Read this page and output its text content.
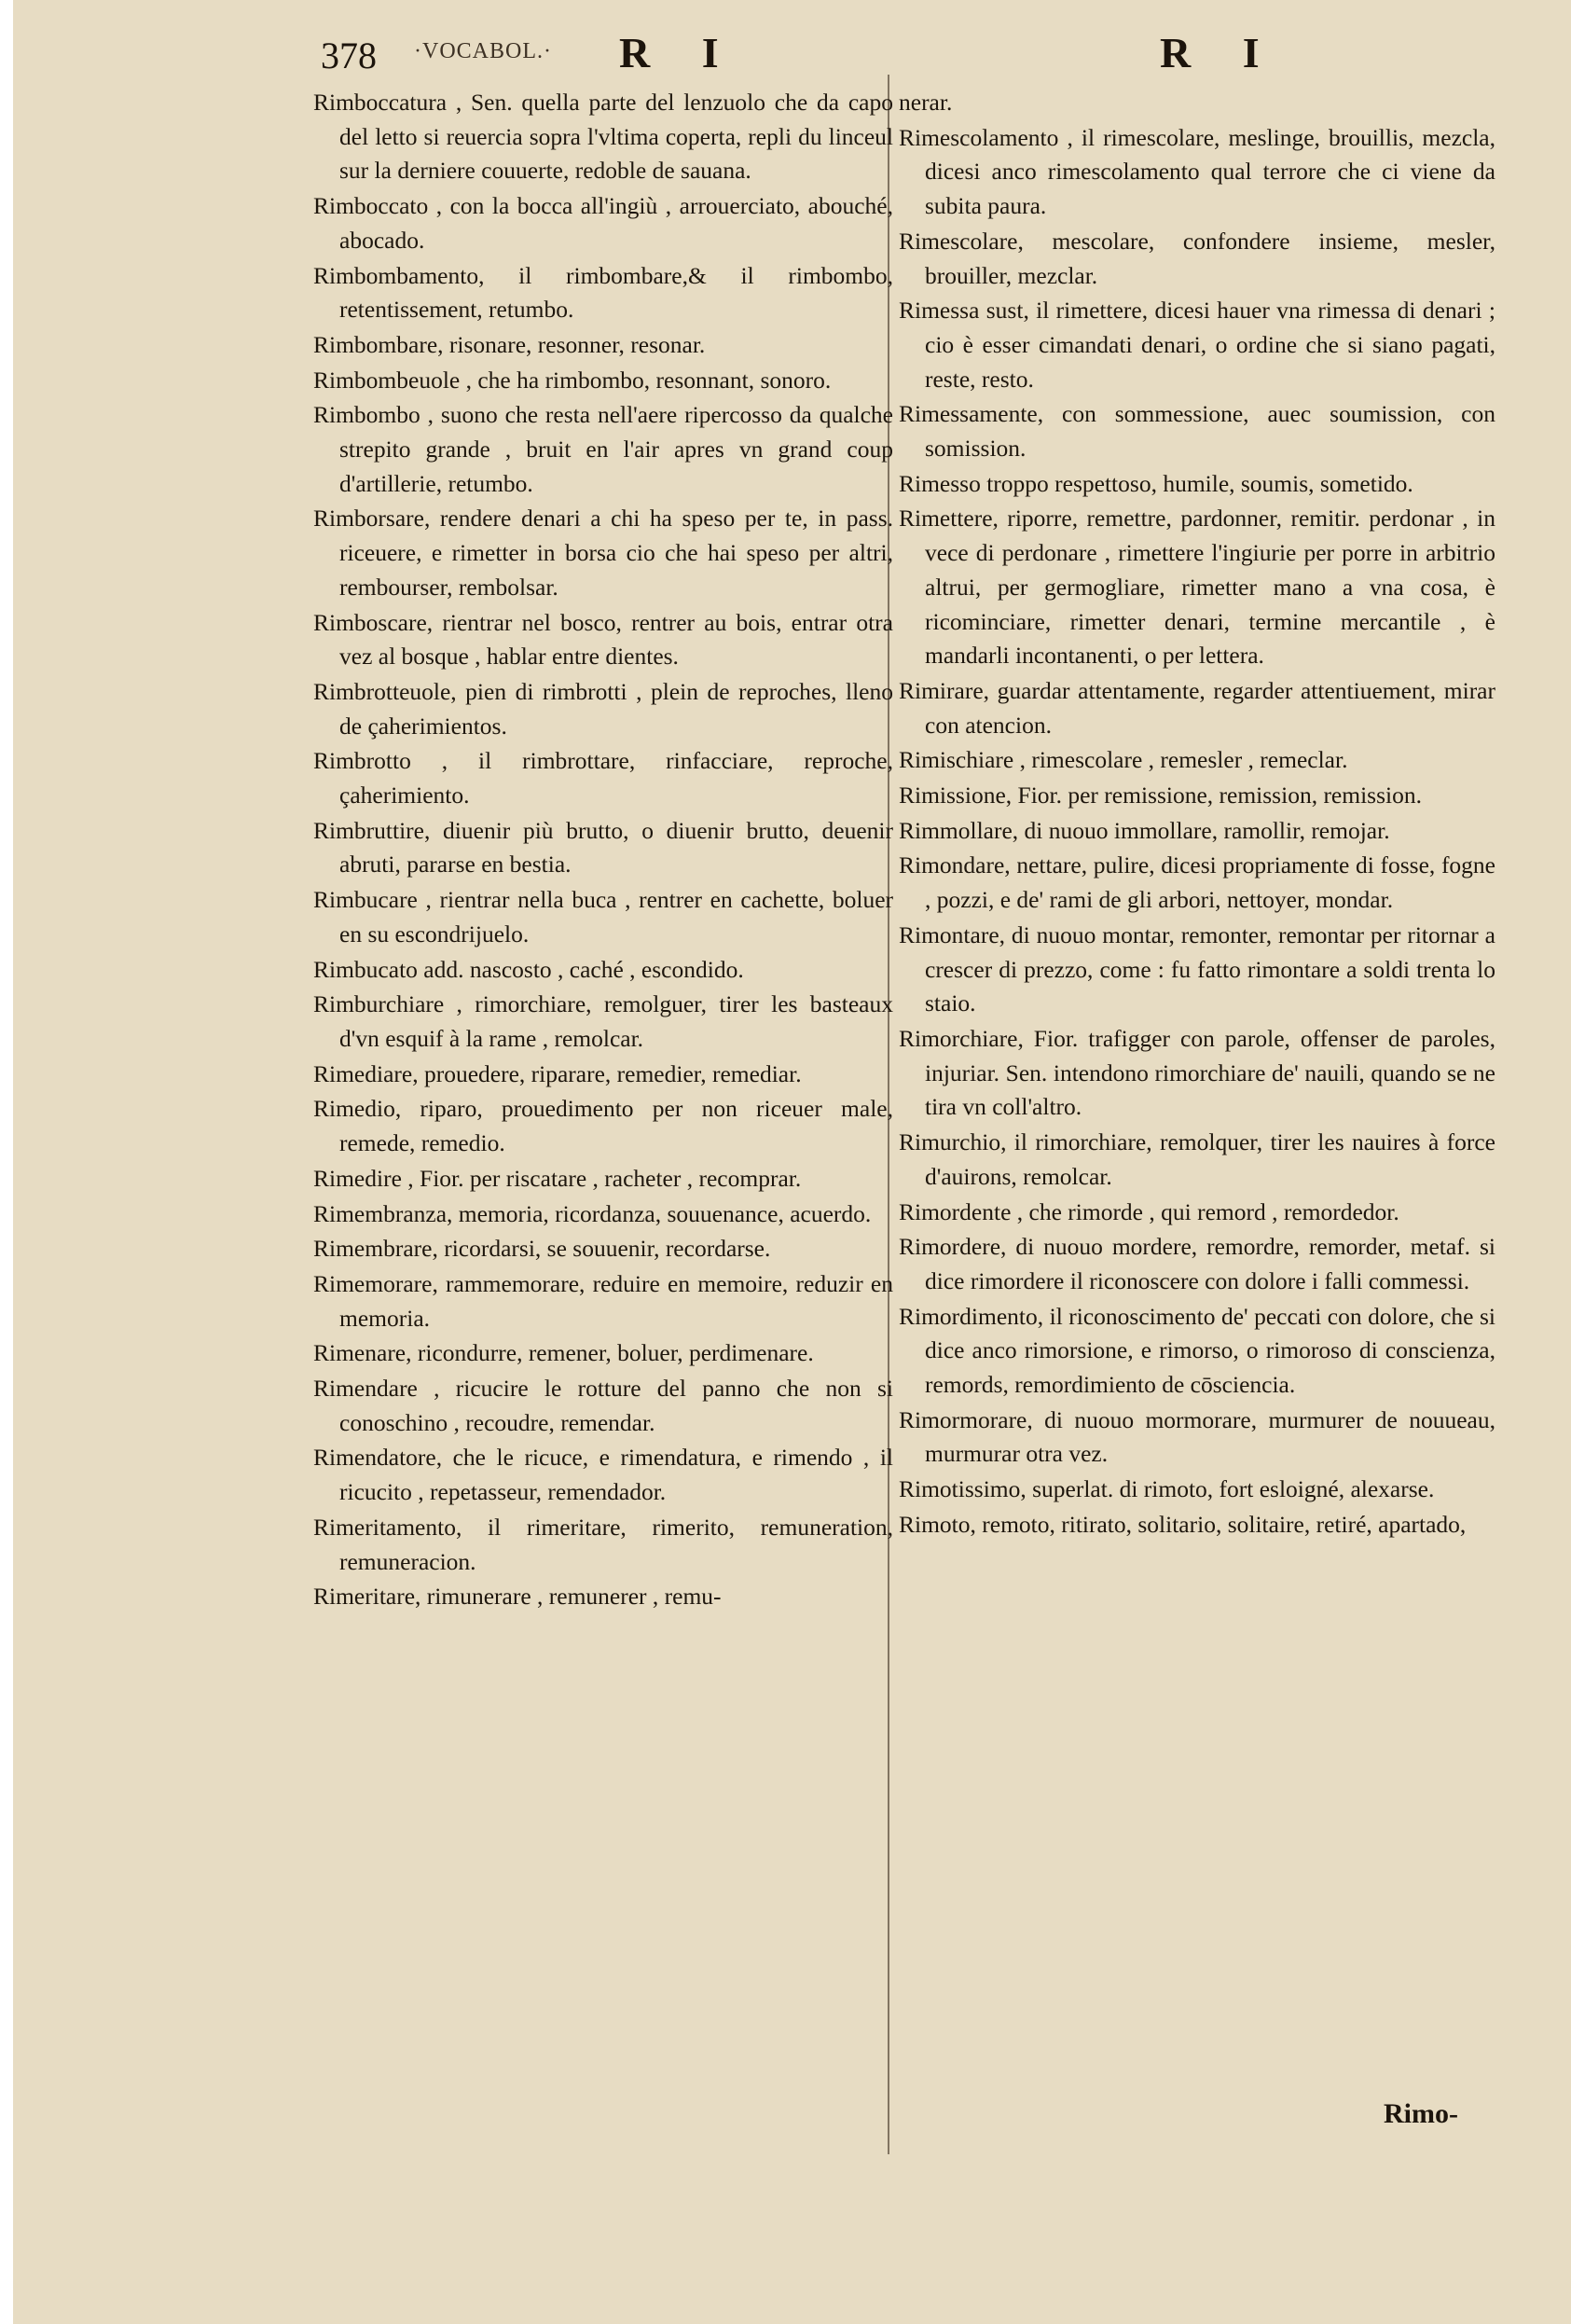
378 ·VOCABOL.· R I	R I

Rimboccatura , Sen. quella parte del lenzuolo che da capo del letto si reuercia sopra l'vltima coperta, repli du linceul sur la derniere couuerte, redoble de sauana.

Rimboccato , con la bocca all'ingiù , arrouerciato, abouché, abocado.

Rimbombamento, il rimbombare,& il rimbombo, retentissement, retumbo.

Rimbombare, risonare, resonner, resonar.

Rimbombeuole , che ha rimbombo, resonnant, sonoro.

Rimbombo , suono che resta nell'aere ripercosso da qualche strepito grande , bruit en l'air apres vn grand coup d'artillerie, retumbo.

Rimborsare, rendere denari a chi ha speso per te, in pass. riceuere, e rimetter in borsa cio che hai speso per altri, rembourser, rembolsar.

Rimboscare, rientrar nel bosco, rentrer au bois, entrar otra vez al bosque , hablar entre dientes.

Rimbrotteuole, pien di rimbrotti , plein de reproches, lleno de çaherimientos.

Rimbrotto , il rimbrottare, rinfacciare, reproche, çaherimiento.

Rimbruttire, diuenir più brutto, o diuenir brutto, deuenir abruti, pararse en bestia.

Rimbucare , rientrar nella buca , rentrer en cachette, boluer en su escondrijuelo.

Rimbucato add. nascosto , caché , escondido.

Rimburchiare , rimorchiare, remolguer, tirer les basteaux d'vn esquif à la rame , remolcar.

Rimediare, prouedere, riparare, remedier, remediar.

Rimedio, riparo, prouedimento per non riceuer male, remede, remedio.

Rimedire , Fior. per riscatare , racheter , recomprar.

Rimembranza, memoria, ricordanza, souuenance, acuerdo.

Rimembrare, ricordarsi, se souuenir, recordarse.

Rimemorare, rammemorare, reduire en memoire, reduzir en memoria.

Rimenare, ricondurre, remener, boluer, perdimenare.

Rimendare , ricucire le rotture del panno che non si conoschino , recoudre, remendar.

Rimendatore, che le ricuce, e rimendatura, e rimendo , il ricucito , repetasseur, remendador.

Rimeritamento, il rimeritare, rimerito, remuneration, remuneracion.

Rimeritare, rimunerare , remunerer , remu-

nerar.

Rimescolamento , il rimescolare, meslinge, brouillis, mezcla, dicesi anco rimescolamento qual terrore che ci viene da subita paura.

Rimescolare, mescolare, confondere insieme, mesler, brouiller, mezclar.

Rimessa sust, il rimettere, dicesi hauer vna rimessa di denari ; cio è esser cimandati denari, o ordine che si siano pagati, reste, resto.

Rimessamente, con sommessione, auec soumission, con somission.

Rimesso troppo respettoso, humile, soumis, sometido.

Rimettere, riporre, remettre, pardonner, remitir. perdonar , in vece di perdonare , rimettere l'ingiurie per porre in arbitrio altrui, per germogliare, rimetter mano a vna cosa, è ricominciare, rimetter denari, termine mercantile , è mandarli incontanenti, o per lettera.

Rimirare, guardar attentamente, regarder attentiuement, mirar con atencion.

Rimischiare , rimescolare , remesler , remeclar.

Rimissione, Fior. per remissione, remission, remission.

Rimmollare, di nuouo immollare, ramollir, remojar.

Rimondare, nettare, pulire, dicesi propriamente di fosse, fogne , pozzi, e de' rami de gli arbori, nettoyer, mondar.

Rimontare, di nuouo montar, remonter, remontar per ritornar a crescer di prezzo, come : fu fatto rimontare a soldi trenta lo staio.

Rimorchiare, Fior. trafigger con parole, offenser de paroles, injuriar. Sen. intendono rimorchiare de' nauili, quando se ne tira vn coll'altro.

Rimurchio, il rimorchiare, remolquer, tirer les nauires à force d'auirons, remolcar.

Rimordente , che rimorde , qui remord , remordedor.

Rimordere, di nuouo mordere, remordre, remorder, metaf. si dice rimordere il riconoscere con dolore i falli commessi.

Rimordimento, il riconoscimento de' peccati con dolore, che si dice anco rimorsione, e rimorso, o rimoroso di conscienza, remords, remordimiento de cōsciencia.

Rimormorare, di nuouo mormorare, murmurer de nouueau, murmurar otra vez.

Rimotissimo, superlat. di rimoto, fort esloigné, alexarse.

Rimoto, remoto, ritirato, solitario, solitaire, retiré, apartado,

Rimo-
